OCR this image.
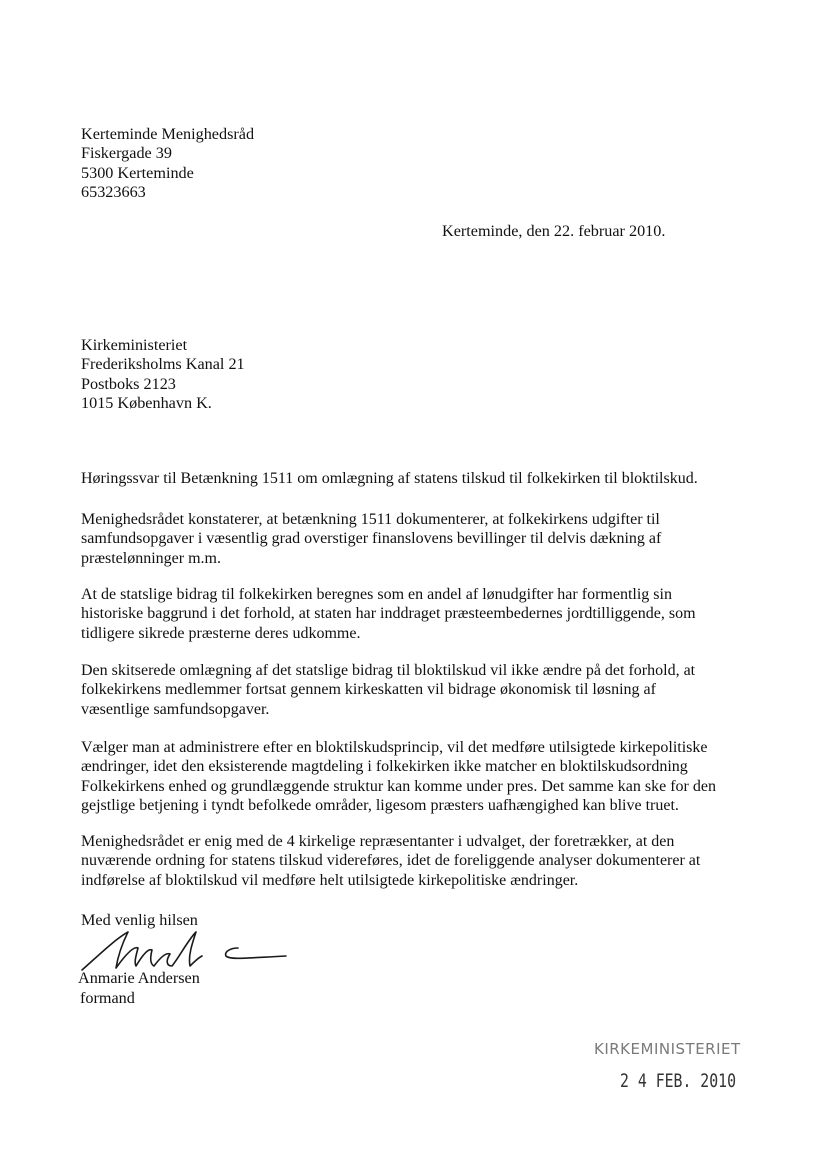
Kerteminde Menighedsråd
Fiskergade 39
5300 Kerteminde
65323663
Kerteminde, den 22. februar 2010.
Kirkeministeriet
Frederiksholms Kanal 21
Postboks 2123
1015 København K.
Høringssvar til Betænkning 1511 om omlægning af statens tilskud til folkekirken til bloktilskud.
Menighedsrådet konstaterer, at betænkning 1511 dokumenterer, at folkekirkens udgifter til
samfundsopgaver i væsentlig grad overstiger finanslovens bevillinger til delvis dækning af
præstelønninger m.m.
At de statslige bidrag til folkekirken beregnes som en andel af lønudgifter har formentlig sin
historiske baggrund i det forhold, at staten har inddraget præsteembedernes jordtilliggende, som
tidligere sikrede præsterne deres udkomme.
Den skitserede omlægning af det statslige bidrag til bloktilskud vil ikke ændre på det forhold, at
folkekirkens medlemmer fortsat gennem kirkeskatten vil bidrage økonomisk til løsning af
væsentlige samfundsopgaver.
Vælger man at administrere efter en bloktilskudsprincip, vil det medføre utilsigtede kirkepolitiske
ændringer, idet den eksisterende magtdeling i folkekirken ikke matcher en bloktilskudsordning
Folkekirkens enhed og grundlæggende struktur kan komme under pres. Det samme kan ske for den
gejstlige betjening i tyndt befolkede områder, ligesom præsters uafhængighed kan blive truet.
Menighedsrådet er enig med de 4 kirkelige repræsentanter i udvalget, der foretrækker, at den
nuværende ordning for statens tilskud videreføres, idet de foreliggende analyser dokumenterer at
indførelse af bloktilskud vil medføre helt utilsigtede kirkepolitiske ændringer.
Med venlig hilsen
Anmarie Andersen
formand
KIRKEMINISTERIET
2 4 FEB. 2010
